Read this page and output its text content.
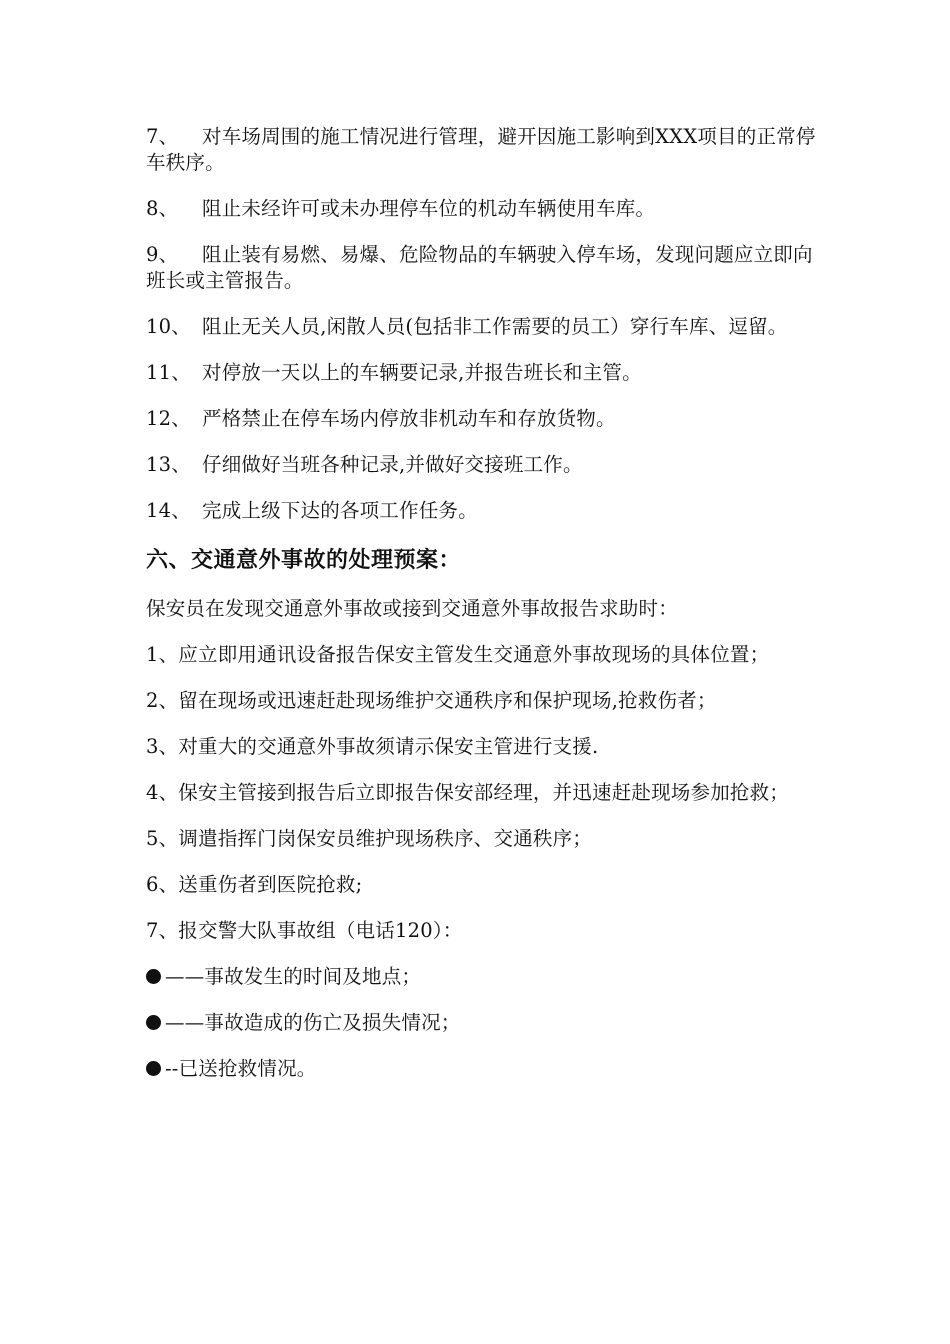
7、 对车场周围的施工情况进行管理，避开因施工影响到XXX项目的正常停车秩序。

8、 阻止未经许可或未办理停车位的机动车辆使用车库。

9、 阻止装有易燃、易爆、危险物品的车辆驶入停车场，发现问题应立即向班长或主管报告。

10、 阻止无关人员,闲散人员(包括非工作需要的员工）穿行车库、逗留。

11、 对停放一天以上的车辆要记录,并报告班长和主管。

12、 严格禁止在停车场内停放非机动车和存放货物。

13、 仔细做好当班各种记录,并做好交接班工作。

14、 完成上级下达的各项工作任务。

六、交通意外事故的处理预案：

保安员在发现交通意外事故或接到交通意外事故报告求助时：

1、应立即用通讯设备报告保安主管发生交通意外事故现场的具体位置；

2、留在现场或迅速赶赴现场维护交通秩序和保护现场,抢救伤者；

3、对重大的交通意外事故须请示保安主管进行支援.

4、保安主管接到报告后立即报告保安部经理，并迅速赶赴现场参加抢救；

5、调遣指挥门岗保安员维护现场秩序、交通秩序；

6、送重伤者到医院抢救;

7、报交警大队事故组（电话120）：

——事故发生的时间及地点；

——事故造成的伤亡及损失情况；

--已送抢救情况。
